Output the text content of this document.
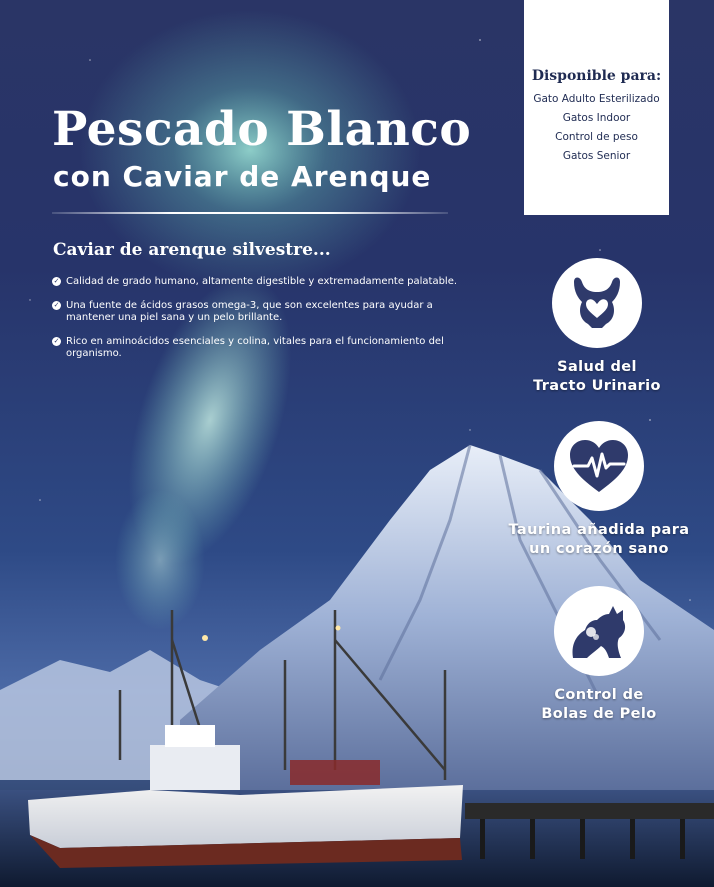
Pescado Blanco
con Caviar de Arenque
Disponible para:
Gato Adulto Esterilizado
Gatos Indoor
Control de peso
Gatos Senior
Caviar de arenque silvestre...
✓ Calidad de grado humano, altamente digestible y extremadamente palatable.
✓ Una fuente de ácidos grasos omega-3, que son excelentes para ayudar a mantener una piel sana y un pelo brillante.
✓ Rico en aminoácidos esenciales y colina, vitales para el funcionamiento del organismo.
Salud del
Tracto Urinario
Taurina añadida para
un corazón sano
Control de
Bolas de Pelo
